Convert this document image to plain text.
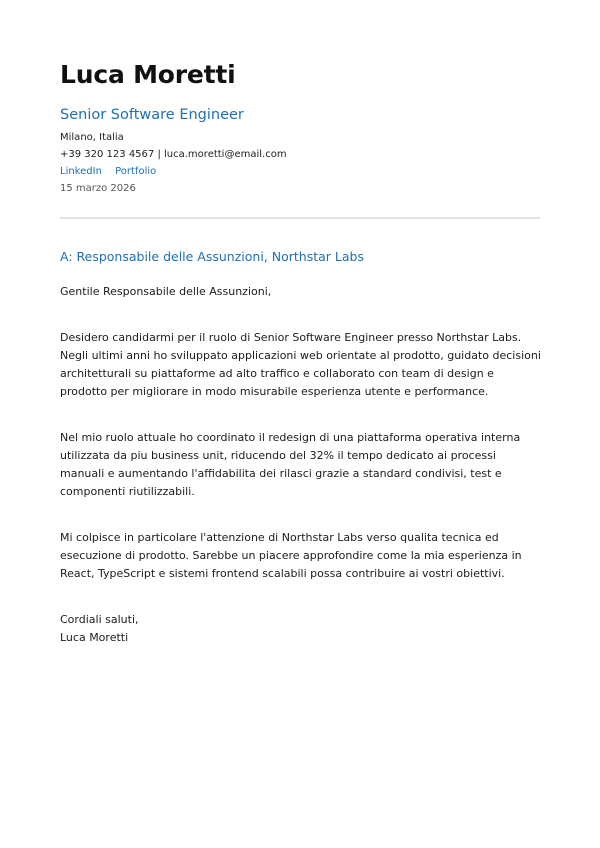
Luca Moretti
Senior Software Engineer
Milano, Italia
+39 320 123 4567 | luca.moretti@email.com
LinkedIn Portfolio
15 marzo 2026
A: Responsabile delle Assunzioni, Northstar Labs

Gentile Responsabile delle Assunzioni,

Desidero candidarmi per il ruolo di Senior Software Engineer presso Northstar Labs. Negli ultimi anni ho sviluppato applicazioni web orientate al prodotto, guidato decisioni architetturali su piattaforme ad alto traffico e collaborato con team di design e prodotto per migliorare in modo misurabile esperienza utente e performance.

Nel mio ruolo attuale ho coordinato il redesign di una piattaforma operativa interna utilizzata da piu business unit, riducendo del 32% il tempo dedicato ai processi manuali e aumentando l'affidabilita dei rilasci grazie a standard condivisi, test e componenti riutilizzabili.

Mi colpisce in particolare l'attenzione di Northstar Labs verso qualita tecnica ed esecuzione di prodotto. Sarebbe un piacere approfondire come la mia esperienza in React, TypeScript e sistemi frontend scalabili possa contribuire ai vostri obiettivi.

Cordiali saluti,
Luca Moretti
